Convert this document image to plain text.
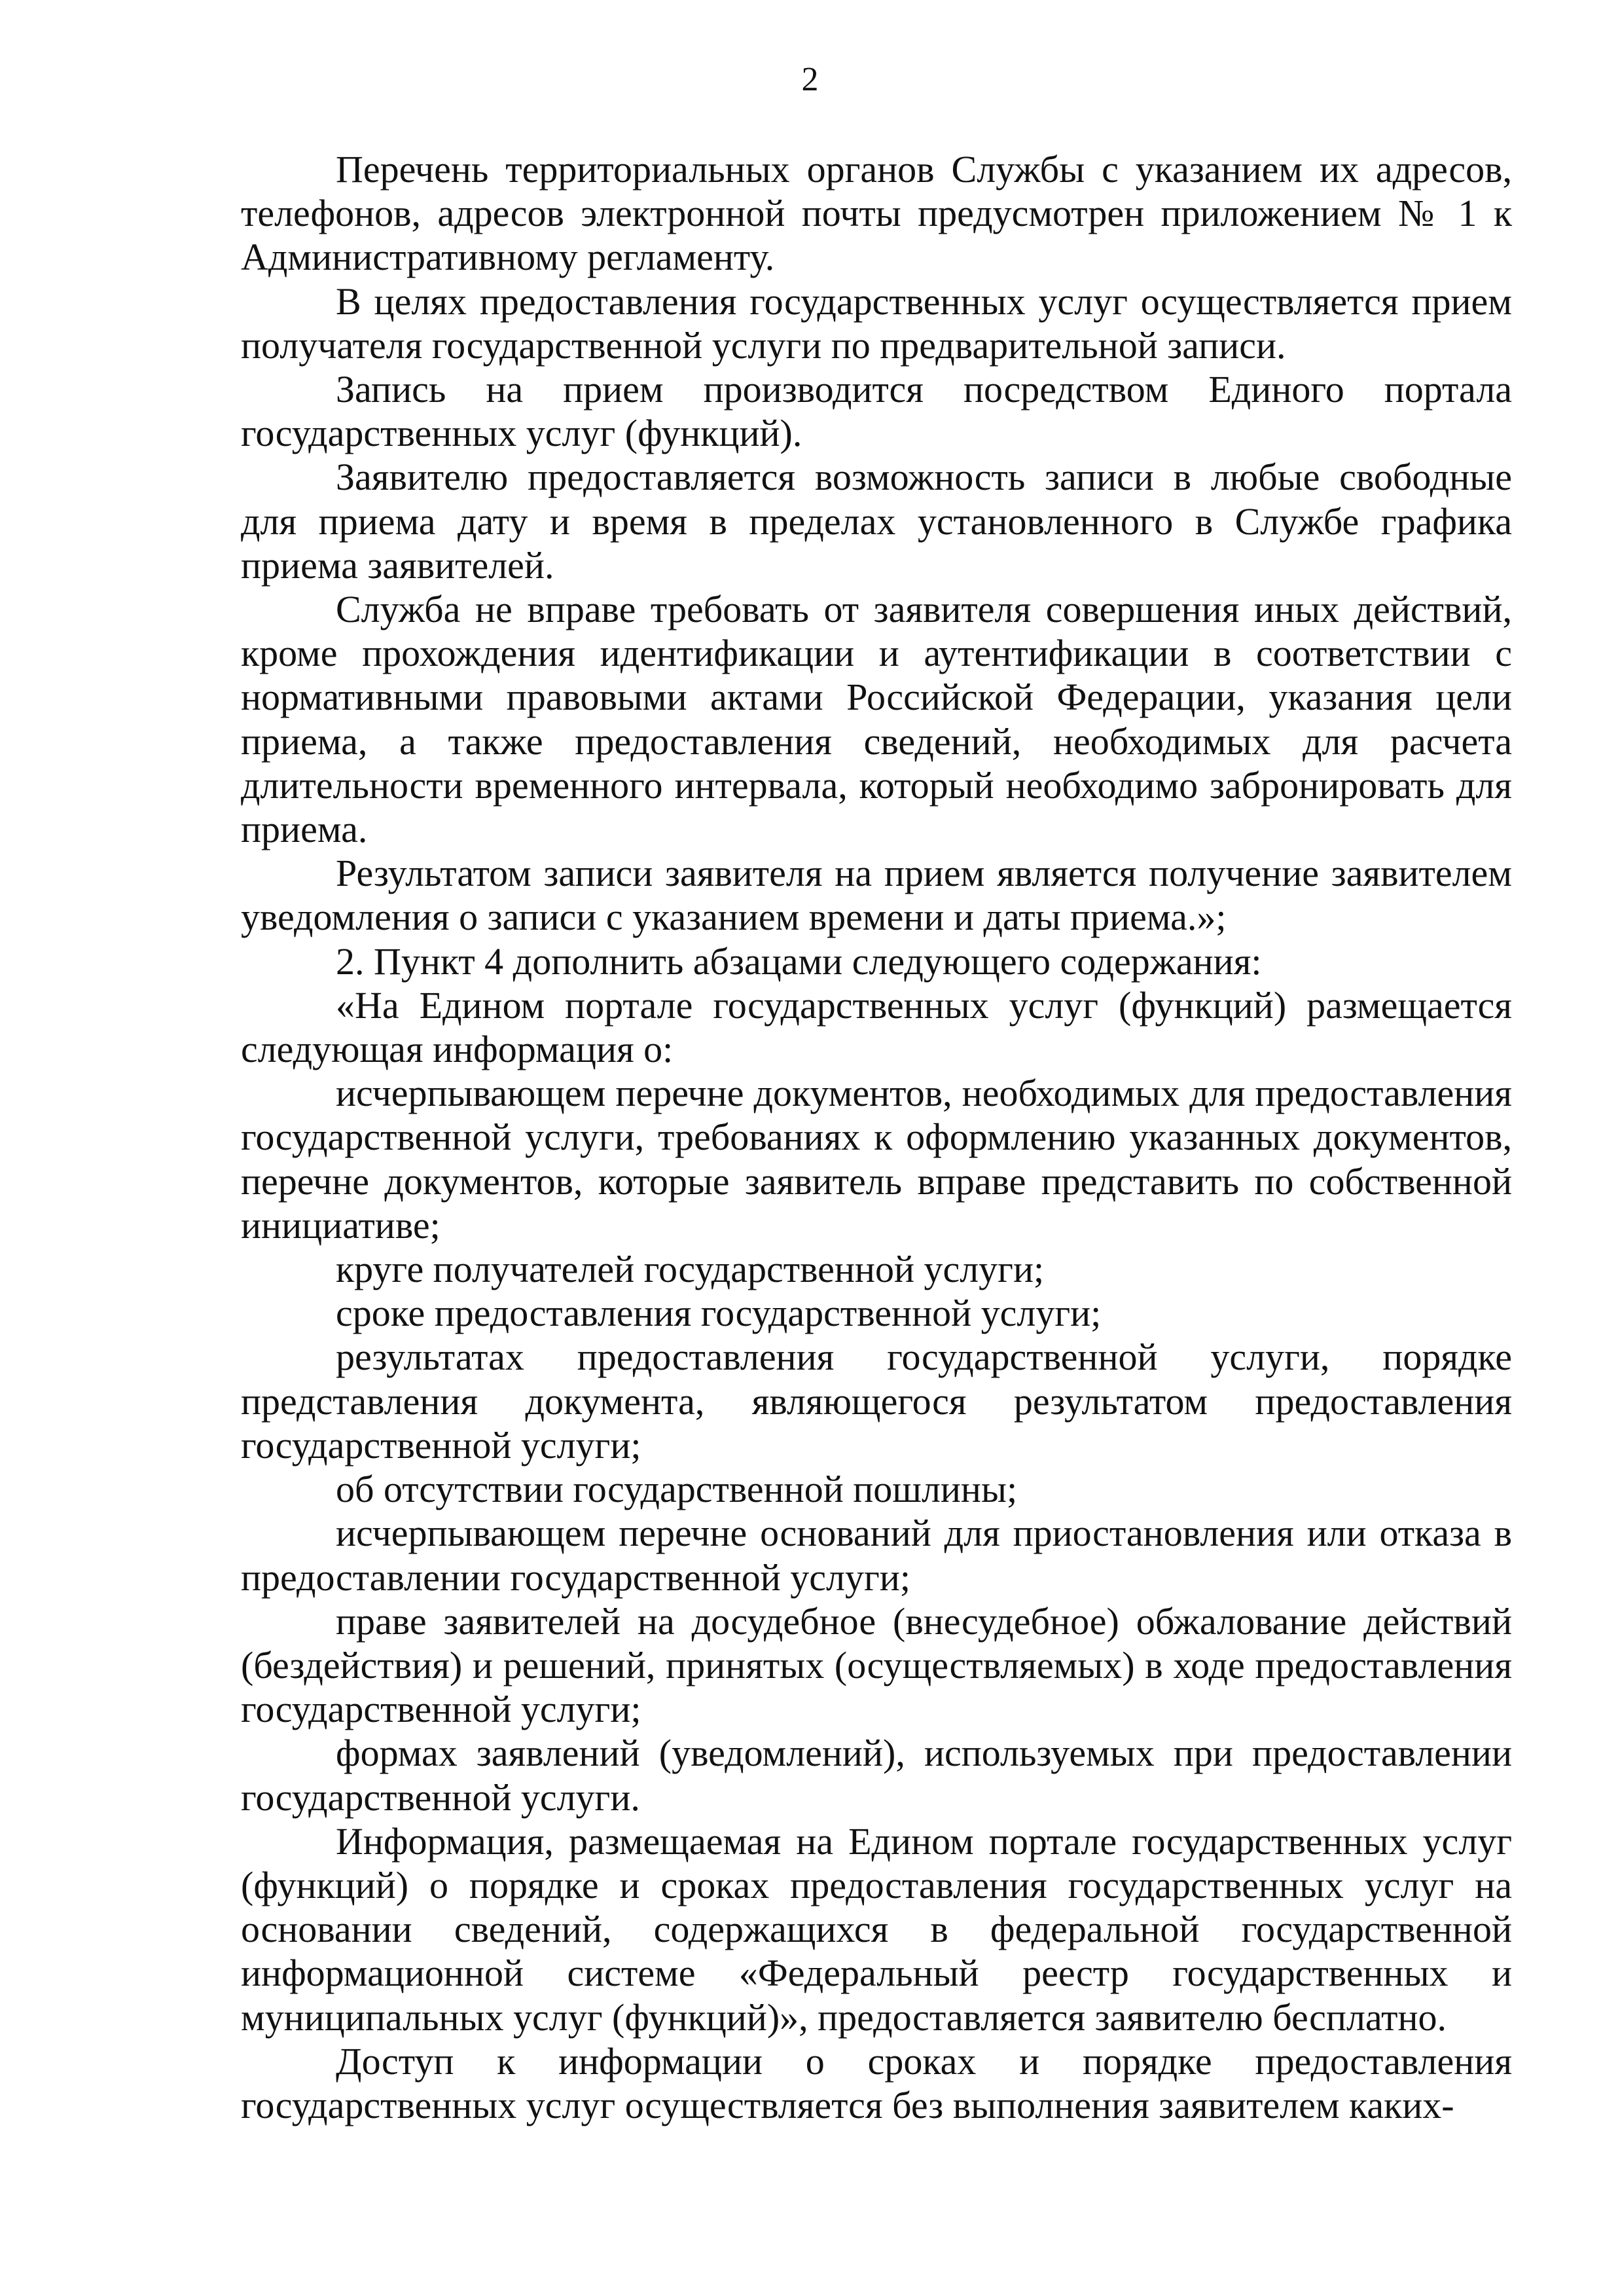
2

Перечень территориальных органов Службы с указанием их адресов, телефонов, адресов электронной почты предусмотрен приложением № 1 к Административному регламенту.

В целях предоставления государственных услуг осуществляется прием получателя государственной услуги по предварительной записи.

Запись на прием производится посредством Единого портала государственных услуг (функций).

Заявителю предоставляется возможность записи в любые свободные для приема дату и время в пределах установленного в Службе графика приема заявителей.

Служба не вправе требовать от заявителя совершения иных действий, кроме прохождения идентификации и аутентификации в соответствии с нормативными правовыми актами Российской Федерации, указания цели приема, а также предоставления сведений, необходимых для расчета длительности временного интервала, который необходимо забронировать для приема.

Результатом записи заявителя на прием является получение заявителем уведомления о записи с указанием времени и даты приема.»;

2. Пункт 4 дополнить абзацами следующего содержания:

«На Едином портале государственных услуг (функций) размещается следующая информация о:

исчерпывающем перечне документов, необходимых для предоставления государственной услуги, требованиях к оформлению указанных документов, перечне документов, которые заявитель вправе представить по собственной инициативе;

круге получателей государственной услуги;

сроке предоставления государственной услуги;

результатах предоставления государственной услуги, порядке представления документа, являющегося результатом предоставления государственной услуги;

об отсутствии государственной пошлины;

исчерпывающем перечне оснований для приостановления или отказа в предоставлении государственной услуги;

праве заявителей на досудебное (внесудебное) обжалование действий (бездействия) и решений, принятых (осуществляемых) в ходе предоставления государственной услуги;

формах заявлений (уведомлений), используемых при предоставлении государственной услуги.

Информация, размещаемая на Едином портале государственных услуг (функций) о порядке и сроках предоставления государственных услуг на основании сведений, содержащихся в федеральной государственной информационной системе «Федеральный реестр государственных и муниципальных услуг (функций)», предоставляется заявителю бесплатно.

Доступ к информации о сроках и порядке предоставления государственных услуг осуществляется без выполнения заявителем каких-
